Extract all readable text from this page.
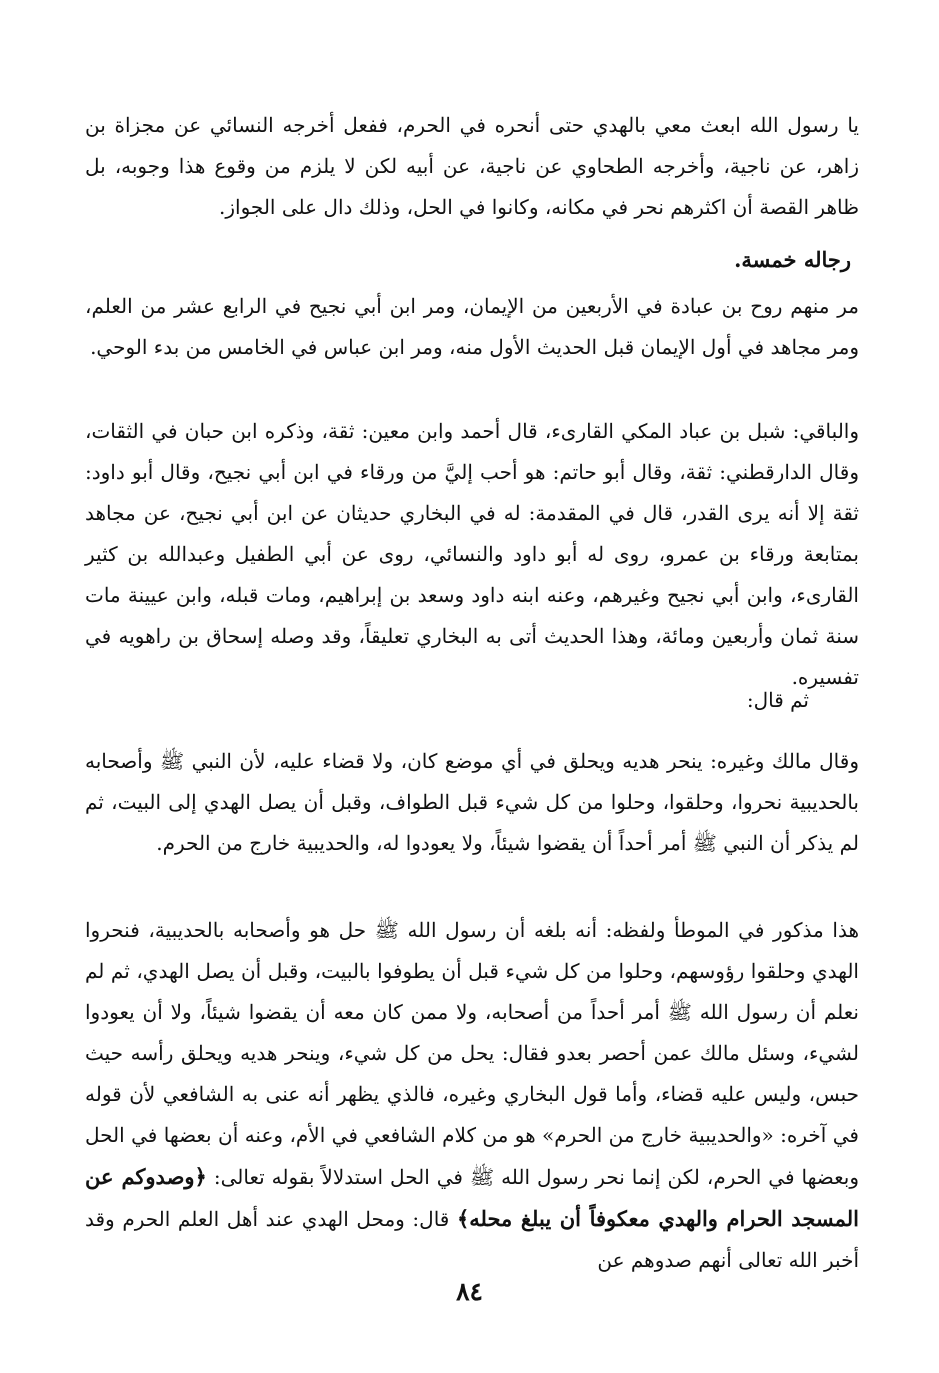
يا رسول الله ابعث معي بالهدي حتى أنحره في الحرم، ففعل أخرجه النسائي عن مجزاة بن زاهر، عن ناجية، وأخرجه الطحاوي عن ناجية، عن أبيه لكن لا يلزم من وقوع هذا وجوبه، بل ظاهر القصة أن اكثرهم نحر في مكانه، وكانوا في الحل، وذلك دال على الجواز.

رجاله خمسة.

مر منهم روح بن عبادة في الأربعين من الإيمان، ومر ابن أبي نجيح في الرابع عشر من العلم، ومر مجاهد في أول الإيمان قبل الحديث الأول منه، ومر ابن عباس في الخامس من بدء الوحي.

والباقي: شبل بن عباد المكي القارىء، قال أحمد وابن معين: ثقة، وذكره ابن حبان في الثقات، وقال الدارقطني: ثقة، وقال أبو حاتم: هو أحب إليَّ من ورقاء في ابن أبي نجيح، وقال أبو داود: ثقة إلا أنه يرى القدر، قال في المقدمة: له في البخاري حديثان عن ابن أبي نجيح، عن مجاهد بمتابعة ورقاء بن عمرو، روى له أبو داود والنسائي، روى عن أبي الطفيل وعبدالله بن كثير القارىء، وابن أبي نجيح وغيرهم، وعنه ابنه داود وسعد بن إبراهيم، ومات قبله، وابن عيينة مات سنة ثمان وأربعين ومائة، وهذا الحديث أتى به البخاري تعليقاً، وقد وصله إسحاق بن راهويه في تفسيره.

ثم قال:

وقال مالك وغيره: ينحر هديه ويحلق في أي موضع كان، ولا قضاء عليه، لأن النبي ﷺ وأصحابه بالحديبية نحروا، وحلقوا، وحلوا من كل شيء قبل الطواف، وقبل أن يصل الهدي إلى البيت، ثم لم يذكر أن النبي ﷺ أمر أحداً أن يقضوا شيئاً، ولا يعودوا له، والحديبية خارج من الحرم.

هذا مذكور في الموطأ ولفظه: أنه بلغه أن رسول الله ﷺ حل هو وأصحابه بالحديبية، فنحروا الهدي وحلقوا رؤوسهم، وحلوا من كل شيء قبل أن يطوفوا بالبيت، وقبل أن يصل الهدي، ثم لم نعلم أن رسول الله ﷺ أمر أحداً من أصحابه، ولا ممن كان معه أن يقضوا شيئاً، ولا أن يعودوا لشيء، وسئل مالك عمن أحصر بعدو فقال: يحل من كل شيء، وينحر هديه ويحلق رأسه حيث حبس، وليس عليه قضاء، وأما قول البخاري وغيره، فالذي يظهر أنه عنى به الشافعي لأن قوله في آخره: «والحديبية خارج من الحرم» هو من كلام الشافعي في الأم، وعنه أن بعضها في الحل وبعضها في الحرم، لكن إنما نحر رسول الله ﷺ في الحل استدلالاً بقوله تعالى: ﴿وصدوكم عن المسجد الحرام والهدي معكوفاً أن يبلغ محله﴾ قال: ومحل الهدي عند أهل العلم الحرم وقد أخبر الله تعالى أنهم صدوهم عن

٨٤
